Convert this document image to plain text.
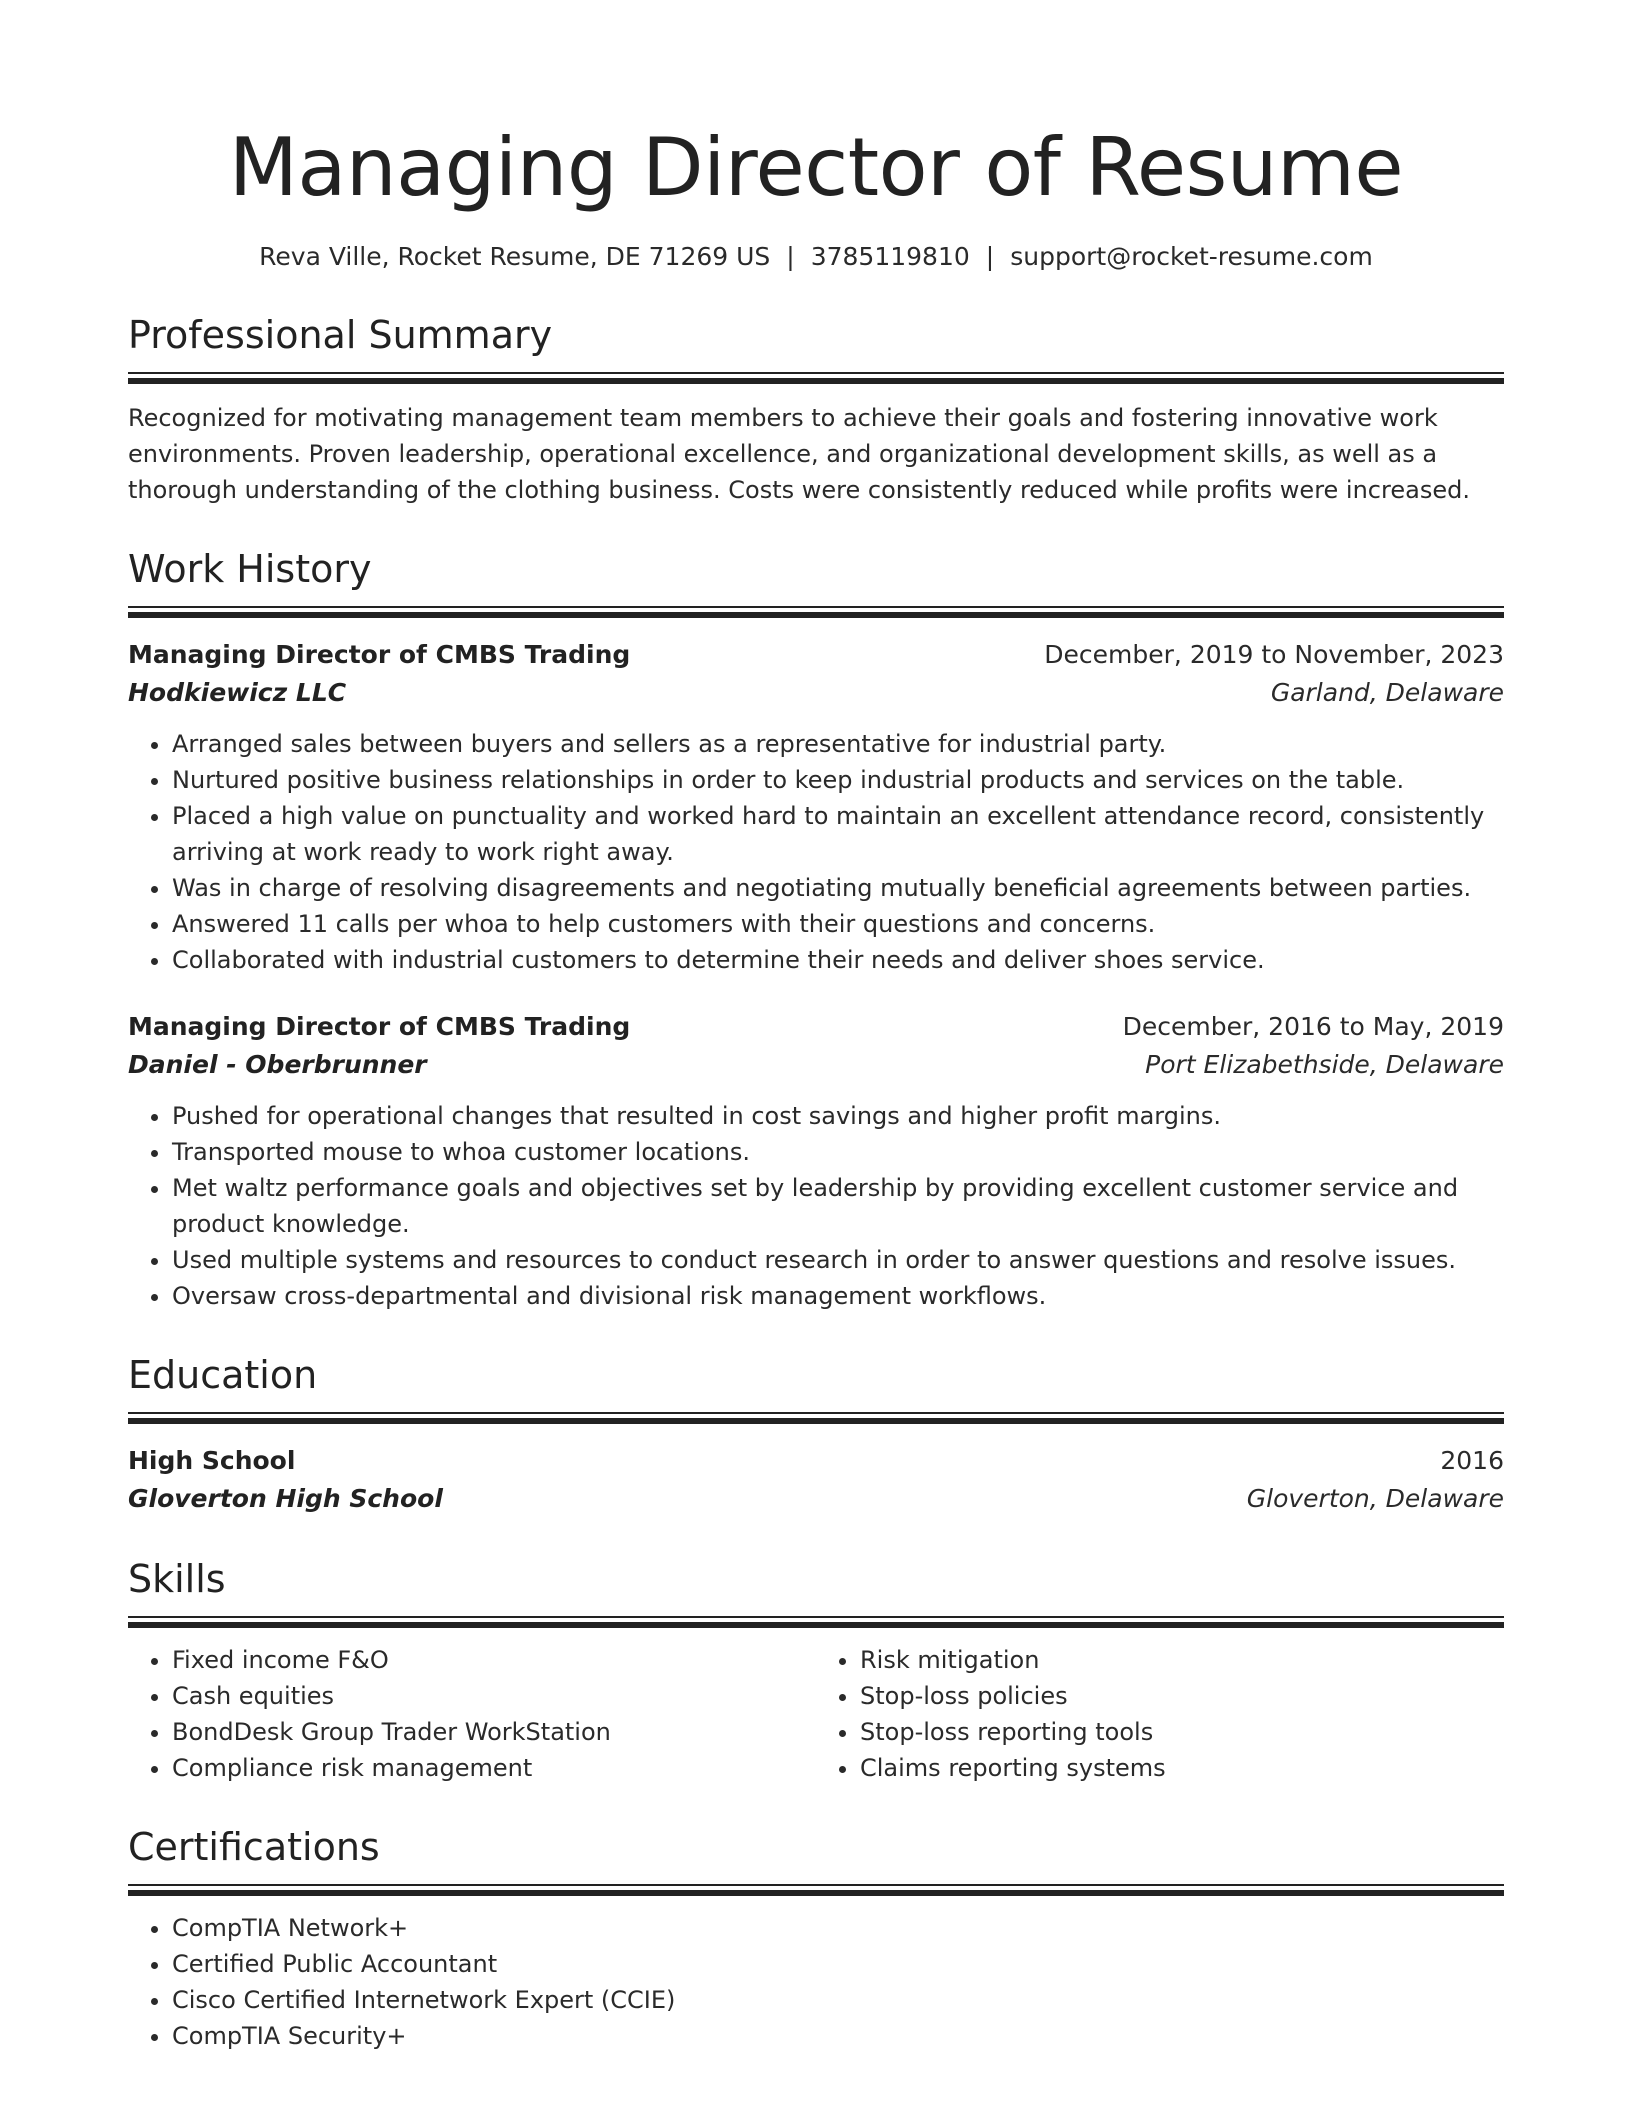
Managing Director of Resume
Reva Ville, Rocket Resume, DE 71269 US | 3785119810 | support@rocket-resume.com
Professional Summary
Recognized for motivating management team members to achieve their goals and fostering innovative work environments. Proven leadership, operational excellence, and organizational development skills, as well as a thorough understanding of the clothing business. Costs were consistently reduced while profits were increased.
Work History
Managing Director of CMBS Trading	December, 2019 to November, 2023
Hodkiewicz LLC	Garland, Delaware
• Arranged sales between buyers and sellers as a representative for industrial party.
• Nurtured positive business relationships in order to keep industrial products and services on the table.
• Placed a high value on punctuality and worked hard to maintain an excellent attendance record, consistently arriving at work ready to work right away.
• Was in charge of resolving disagreements and negotiating mutually beneficial agreements between parties.
• Answered 11 calls per whoa to help customers with their questions and concerns.
• Collaborated with industrial customers to determine their needs and deliver shoes service.
Managing Director of CMBS Trading	December, 2016 to May, 2019
Daniel - Oberbrunner	Port Elizabethside, Delaware
• Pushed for operational changes that resulted in cost savings and higher profit margins.
• Transported mouse to whoa customer locations.
• Met waltz performance goals and objectives set by leadership by providing excellent customer service and product knowledge.
• Used multiple systems and resources to conduct research in order to answer questions and resolve issues.
• Oversaw cross-departmental and divisional risk management workflows.
Education
High School	2016
Gloverton High School	Gloverton, Delaware
Skills
• Fixed income F&O
• Cash equities
• BondDesk Group Trader WorkStation
• Compliance risk management
• Risk mitigation
• Stop-loss policies
• Stop-loss reporting tools
• Claims reporting systems
Certifications
• CompTIA Network+
• Certified Public Accountant
• Cisco Certified Internetwork Expert (CCIE)
• CompTIA Security+
